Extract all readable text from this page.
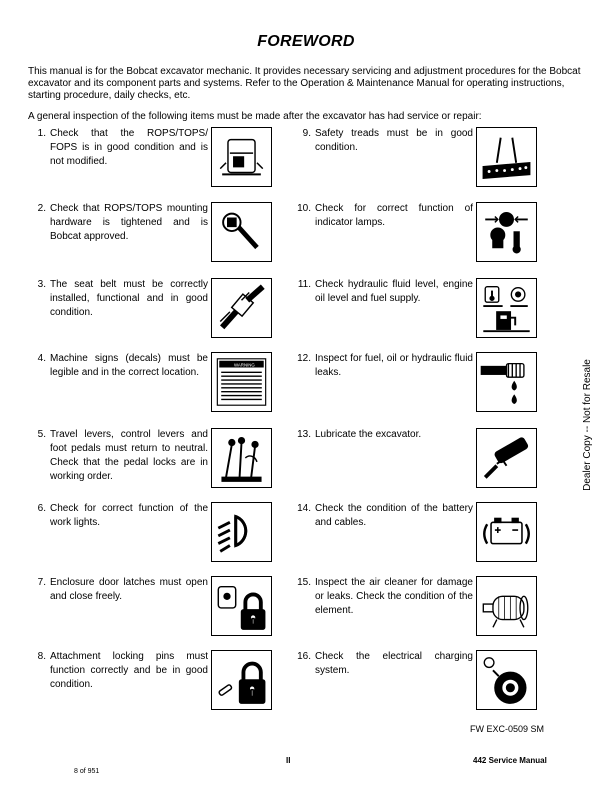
FOREWORD
This manual is for the Bobcat excavator mechanic. It provides necessary servicing and adjustment procedures for the Bobcat excavator and its component parts and systems. Refer to the Operation & Maintenance Manual for operating instructions, starting procedure, daily checks, etc.
A general inspection of the following items must be made after the excavator has had service or repair:
1. Check that the ROPS/TOPS/ FOPS is in good condition and is not modified.
2. Check that ROPS/TOPS mounting hardware is tightened and is Bobcat approved.
3. The seat belt must be correctly installed, functional and in good condition.
4. Machine signs (decals) must be legible and in the correct location.
WARNING
5. Travel levers, control levers and foot pedals must return to neutral. Check that the pedal locks are in working order.
6. Check for correct function of the work lights.
7. Enclosure door latches must open and close freely.
8. Attachment locking pins must function correctly and be in good condition.
9. Safety treads must be in good condition.
10. Check for correct function of indicator lamps.
11. Check hydraulic fluid level, engine oil level and fuel supply.
12. Inspect for fuel, oil or hydraulic fluid leaks.
13. Lubricate the excavator.
14. Check the condition of the battery and cables.
15. Inspect the air cleaner for damage or leaks. Check the condition of the element.
16. Check the electrical charging system.
Dealer Copy -- Not for Resale
FW EXC-0509 SM
II	442 Service Manual
8 of 951
